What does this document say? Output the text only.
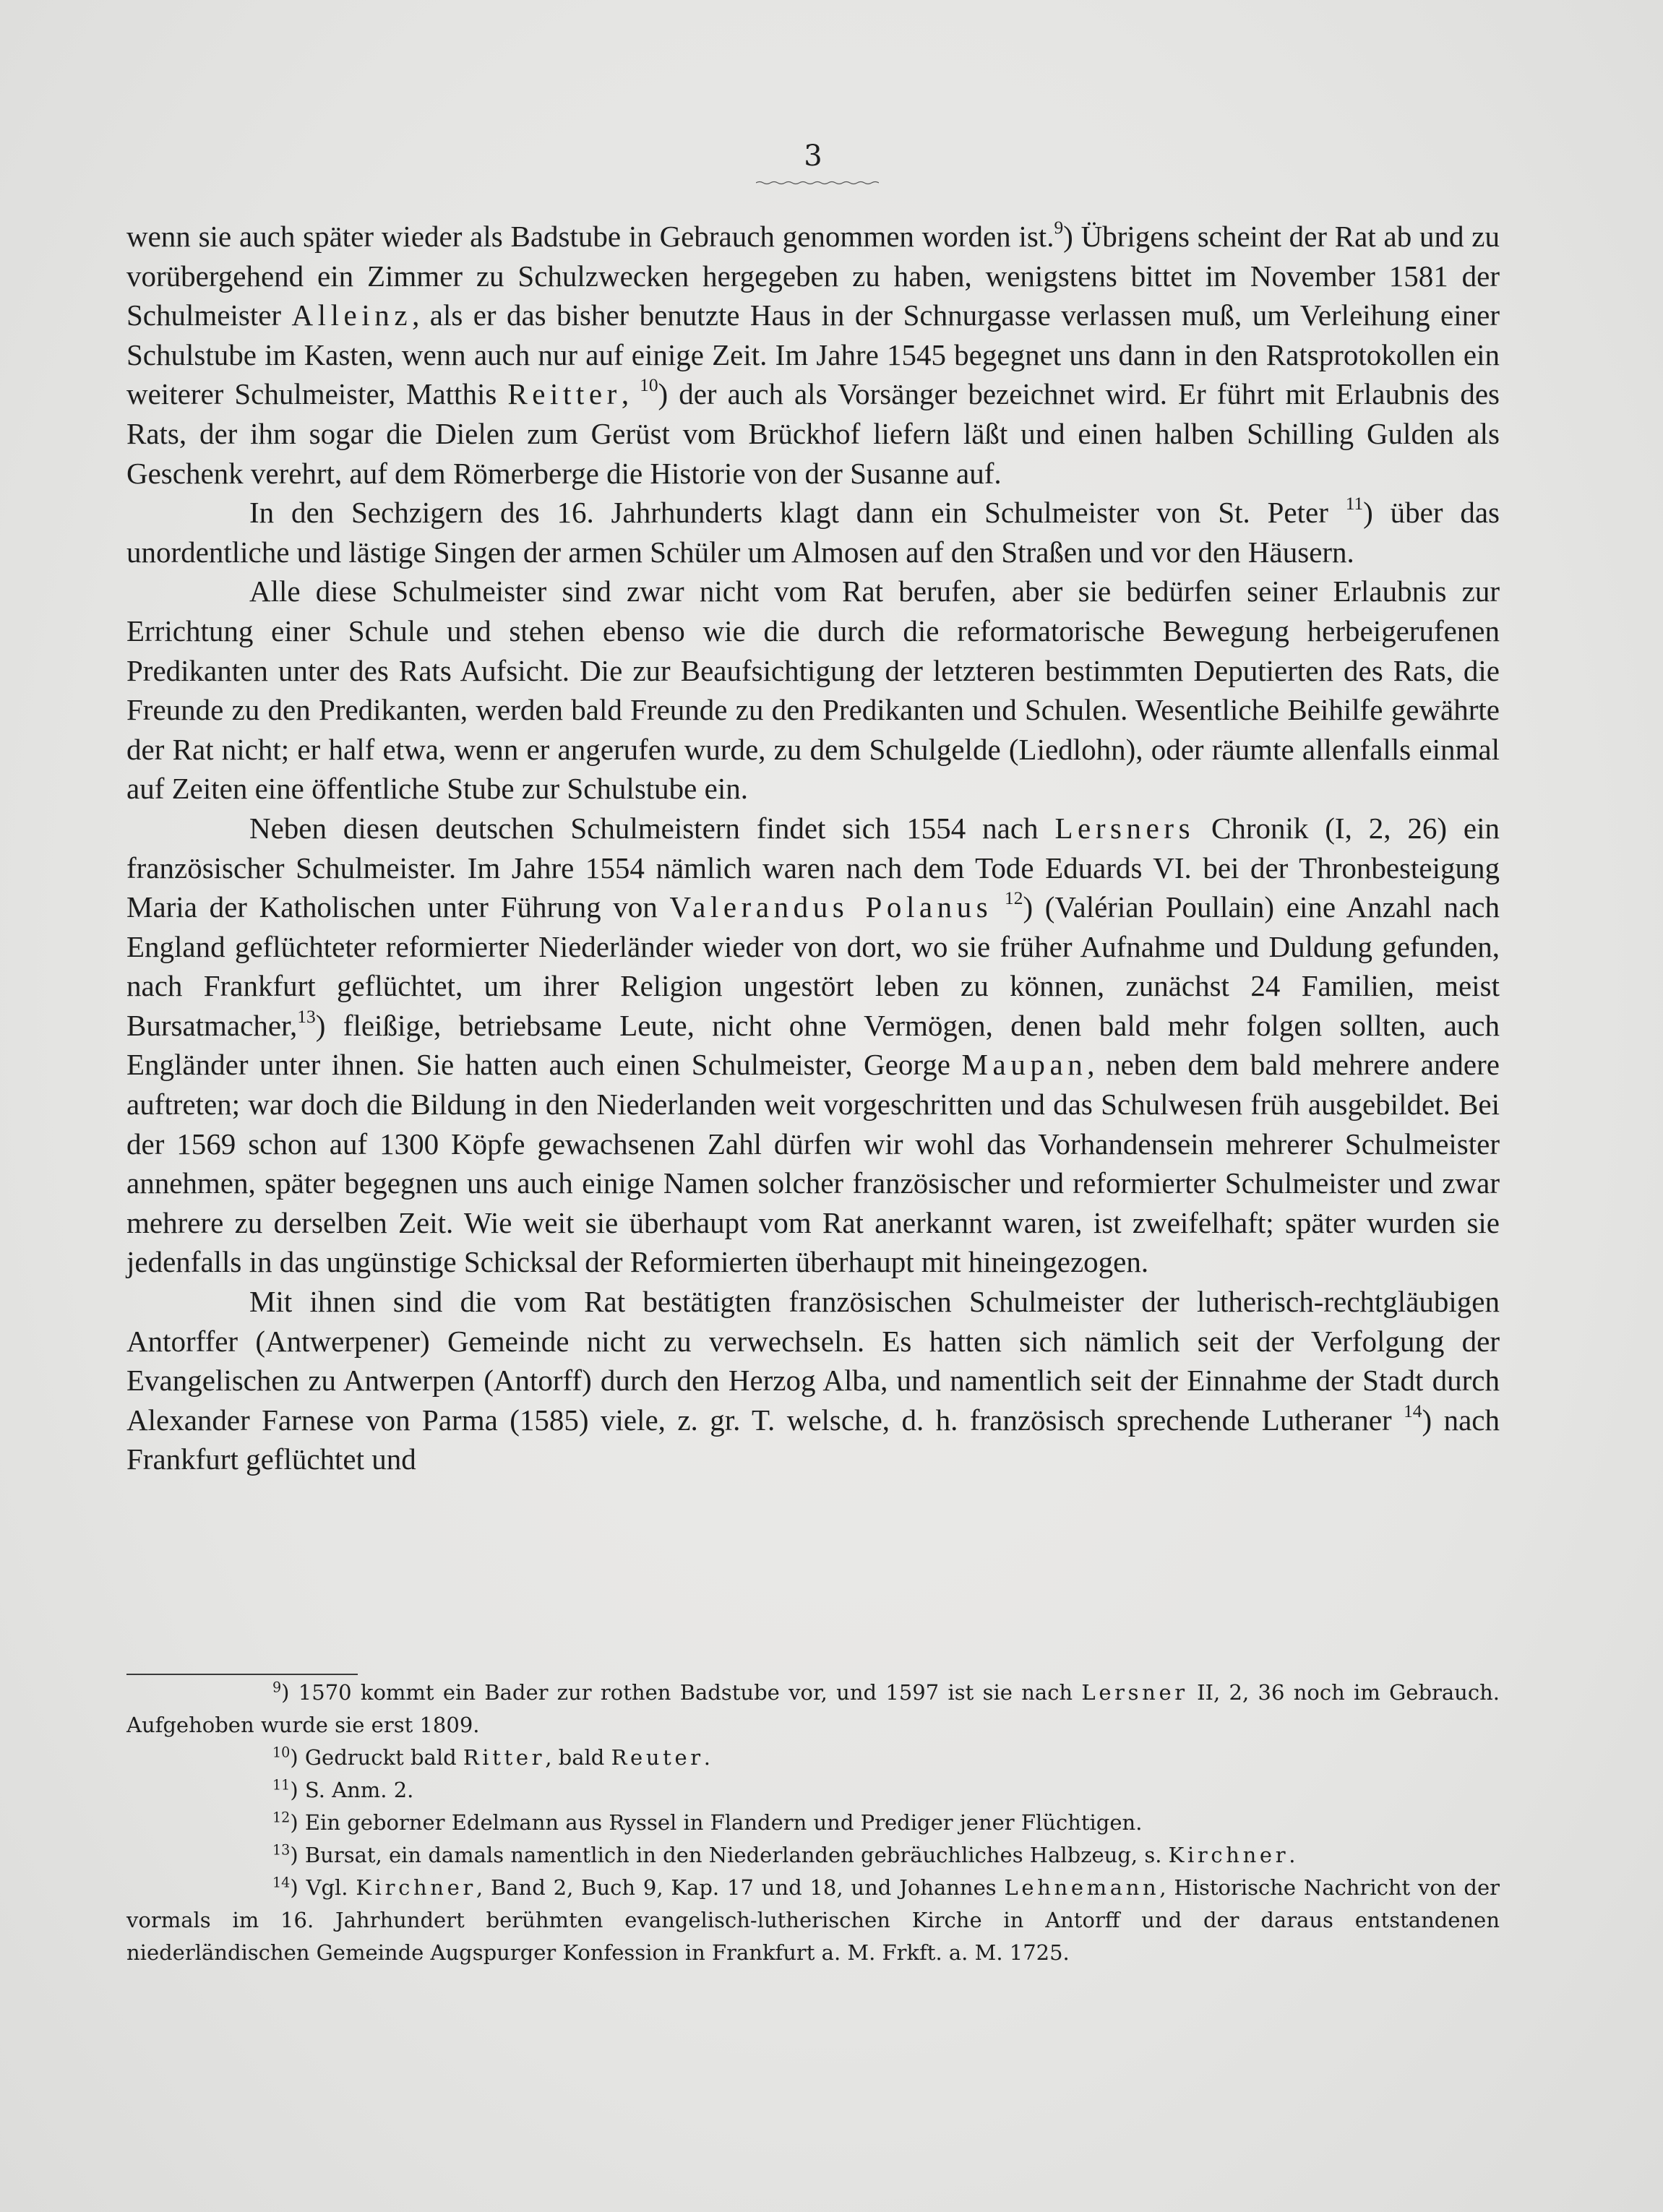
3

wenn sie auch später wieder als Badstube in Gebrauch genommen worden ist.$^9$) Übrigens scheint der Rat ab und zu vorübergehend ein Zimmer zu Schulzwecken hergegeben zu haben, wenigstens bittet im November 1581 der Schulmeister Alleinz, als er das bisher benutzte Haus in der Schnurgasse verlassen muß, um Verleihung einer Schulstube im Kasten, wenn auch nur auf einige Zeit. Im Jahre 1545 begegnet uns dann in den Ratsprotokollen ein weiterer Schulmeister, Matthis Reitter, $^{10}$) der auch als Vorsänger bezeichnet wird. Er führt mit Erlaubnis des Rats, der ihm sogar die Dielen zum Gerüst vom Brückhof liefern läßt und einen halben Schilling Gulden als Geschenk verehrt, auf dem Römerberge die Historie von der Susanne auf.

In den Sechzigern des 16. Jahrhunderts klagt dann ein Schulmeister von St. Peter $^{11}$) über das unordentliche und lästige Singen der armen Schüler um Almosen auf den Straßen und vor den Häusern.

Alle diese Schulmeister sind zwar nicht vom Rat berufen, aber sie bedürfen seiner Erlaubnis zur Errichtung einer Schule und stehen ebenso wie die durch die reformatorische Bewegung herbeigerufenen Predikanten unter des Rats Aufsicht. Die zur Beaufsichtigung der letzteren bestimmten Deputierten des Rats, die Freunde zu den Predikanten, werden bald Freunde zu den Predikanten und Schulen. Wesentliche Beihilfe gewährte der Rat nicht; er half etwa, wenn er angerufen wurde, zu dem Schulgelde (Liedlohn), oder räumte allenfalls einmal auf Zeiten eine öffentliche Stube zur Schulstube ein.

Neben diesen deutschen Schulmeistern findet sich 1554 nach Lersners Chronik (I, 2, 26) ein französischer Schulmeister. Im Jahre 1554 nämlich waren nach dem Tode Eduards VI. bei der Thronbesteigung Maria der Katholischen unter Führung von Valerandus Polanus $^{12}$) (Valérian Poullain) eine Anzahl nach England geflüchteter reformierter Niederländer wieder von dort, wo sie früher Aufnahme und Duldung gefunden, nach Frankfurt geflüchtet, um ihrer Religion ungestört leben zu können, zunächst 24 Familien, meist Bursatmacher,$^{13}$) fleißige, betriebsame Leute, nicht ohne Vermögen, denen bald mehr folgen sollten, auch Engländer unter ihnen. Sie hatten auch einen Schulmeister, George Maupan, neben dem bald mehrere andere auftreten; war doch die Bildung in den Niederlanden weit vorgeschritten und das Schulwesen früh ausgebildet. Bei der 1569 schon auf 1300 Köpfe gewachsenen Zahl dürfen wir wohl das Vorhandensein mehrerer Schulmeister annehmen, später begegnen uns auch einige Namen solcher französischer und reformierter Schulmeister und zwar mehrere zu derselben Zeit. Wie weit sie überhaupt vom Rat anerkannt waren, ist zweifelhaft; später wurden sie jedenfalls in das ungünstige Schicksal der Reformierten überhaupt mit hineingezogen.

Mit ihnen sind die vom Rat bestätigten französischen Schulmeister der lutherisch-rechtgläubigen Antorffer (Antwerpener) Gemeinde nicht zu verwechseln. Es hatten sich nämlich seit der Verfolgung der Evangelischen zu Antwerpen (Antorff) durch den Herzog Alba, und namentlich seit der Einnahme der Stadt durch Alexander Farnese von Parma (1585) viele, z. gr. T. welsche, d. h. französisch sprechende Lutheraner $^{14}$) nach Frankfurt geflüchtet und

$^9$) 1570 kommt ein Bader zur rothen Badstube vor, und 1597 ist sie nach Lersner II, 2, 36 noch im Gebrauch. Aufgehoben wurde sie erst 1809.

$^{10}$) Gedruckt bald Ritter, bald Reuter.

$^{11}$) S. Anm. 2.

$^{12}$) Ein geborner Edelmann aus Ryssel in Flandern und Prediger jener Flüchtigen.

$^{13}$) Bursat, ein damals namentlich in den Niederlanden gebräuchliches Halbzeug, s. Kirchner.

$^{14}$) Vgl. Kirchner, Band 2, Buch 9, Kap. 17 und 18, und Johannes Lehnemann, Historische Nachricht von der vormals im 16. Jahrhundert berühmten evangelisch-lutherischen Kirche in Antorff und der daraus entstandenen niederländischen Gemeinde Augspurger Konfession in Frankfurt a. M. Frkft. a. M. 1725.
